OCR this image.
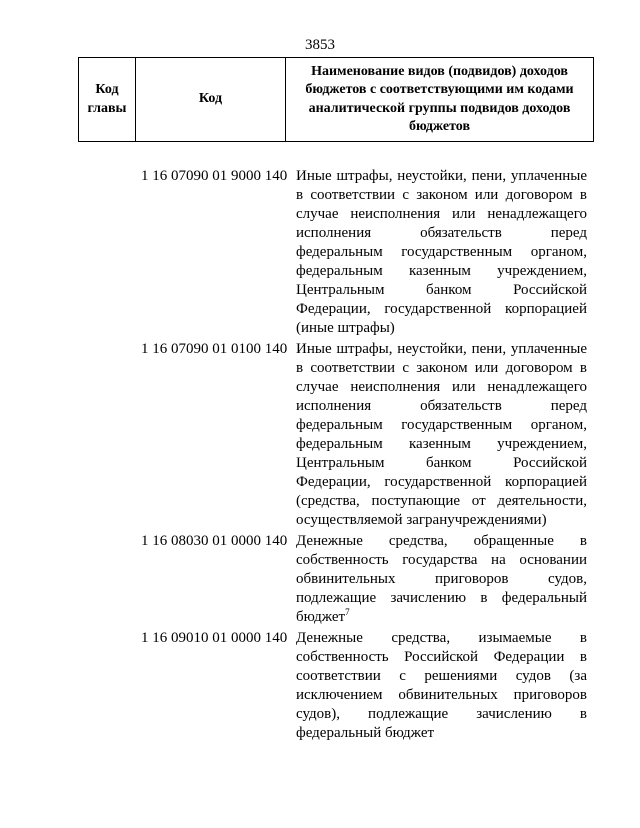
3853
Код главы	Код	Наименование видов (подвидов) доходов бюджетов с соответствующими им кодами аналитической группы подвидов доходов бюджетов
1 16 07090 01 9000 140 Иные штрафы, неустойки, пени, уплаченные в соответствии с законом или договором в случае неисполнения или ненадлежащего исполнения обязательств перед федеральным государственным органом, федеральным казенным учреждением, Центральным банком Российской Федерации, государственной корпорацией (иные штрафы)
1 16 07090 01 0100 140 Иные штрафы, неустойки, пени, уплаченные в соответствии с законом или договором в случае неисполнения или ненадлежащего исполнения обязательств перед федеральным государственным органом, федеральным казенным учреждением, Центральным банком Российской Федерации, государственной корпорацией (средства, поступающие от деятельности, осуществляемой загранучреждениями)
1 16 08030 01 0000 140 Денежные средства, обращенные в собственность государства на основании обвинительных приговоров судов, подлежащие зачислению в федеральный бюджет$^7$
1 16 09010 01 0000 140 Денежные средства, изымаемые в собственность Российской Федерации в соответствии с решениями судов (за исключением обвинительных приговоров судов), подлежащие зачислению в федеральный бюджет
